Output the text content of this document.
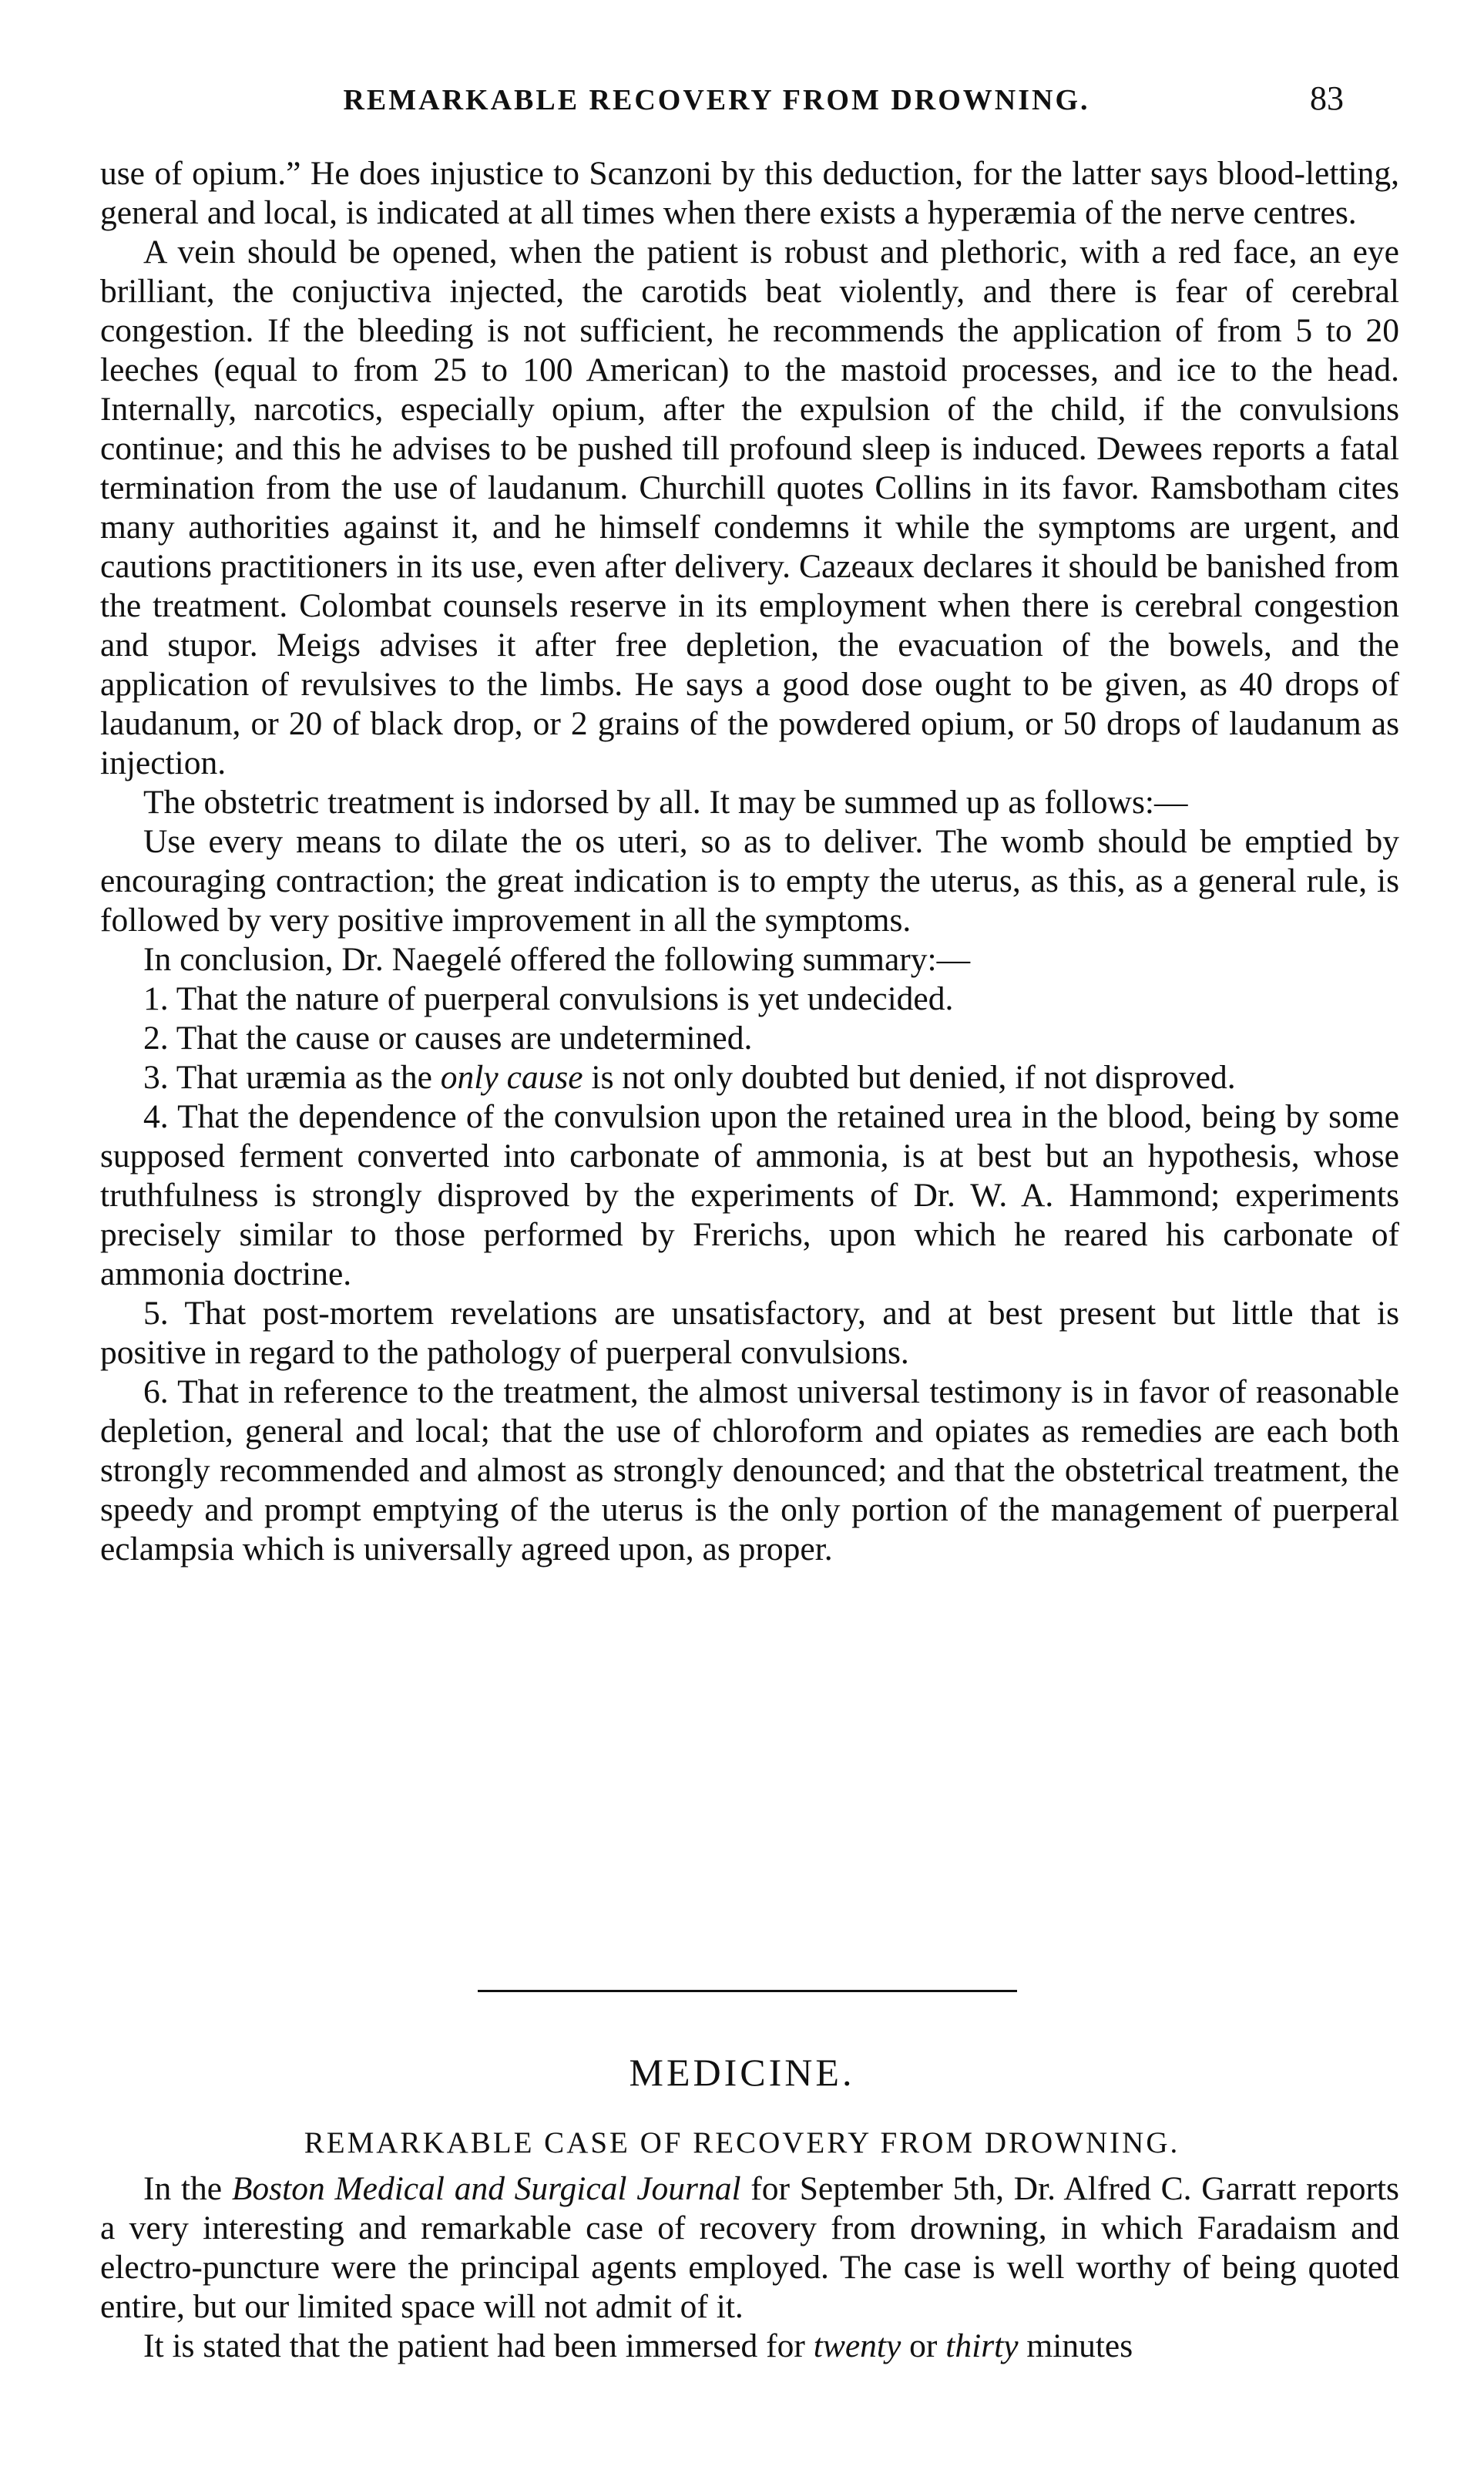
REMARKABLE RECOVERY FROM DROWNING.	83

use of opium.” He does injustice to Scanzoni by this deduction, for the latter says blood-letting, general and local, is indicated at all times when there exists a hyperæmia of the nerve centres.

A vein should be opened, when the patient is robust and plethoric, with a red face, an eye brilliant, the conjuctiva injected, the carotids beat violently, and there is fear of cerebral congestion. If the bleeding is not sufficient, he recommends the application of from 5 to 20 leeches (equal to from 25 to 100 American) to the mastoid processes, and ice to the head. Internally, narcotics, especially opium, after the expulsion of the child, if the convulsions continue; and this he advises to be pushed till profound sleep is induced. Dewees reports a fatal termination from the use of laudanum. Churchill quotes Collins in its favor. Ramsbotham cites many authorities against it, and he himself condemns it while the symptoms are urgent, and cautions practitioners in its use, even after delivery. Cazeaux declares it should be banished from the treatment. Colombat counsels reserve in its employment when there is cerebral congestion and stupor. Meigs advises it after free depletion, the evacuation of the bowels, and the application of revulsives to the limbs. He says a good dose ought to be given, as 40 drops of laudanum, or 20 of black drop, or 2 grains of the powdered opium, or 50 drops of laudanum as injection.

The obstetric treatment is indorsed by all. It may be summed up as follows:—

Use every means to dilate the os uteri, so as to deliver. The womb should be emptied by encouraging contraction; the great indication is to empty the uterus, as this, as a general rule, is followed by very positive improvement in all the symptoms.

In conclusion, Dr. Naegelé offered the following summary:—

1. That the nature of puerperal convulsions is yet undecided.

2. That the cause or causes are undetermined.

3. That uræmia as the only cause is not only doubted but denied, if not disproved.

4. That the dependence of the convulsion upon the retained urea in the blood, being by some supposed ferment converted into carbonate of ammonia, is at best but an hypothesis, whose truthfulness is strongly disproved by the experiments of Dr. W. A. Hammond; experiments precisely similar to those performed by Frerichs, upon which he reared his carbonate of ammonia doctrine.

5. That post-mortem revelations are unsatisfactory, and at best present but little that is positive in regard to the pathology of puerperal convulsions.

6. That in reference to the treatment, the almost universal testimony is in favor of reasonable depletion, general and local; that the use of chloroform and opiates as remedies are each both strongly recommended and almost as strongly denounced; and that the obstetrical treatment, the speedy and prompt emptying of the uterus is the only portion of the management of puerperal eclampsia which is universally agreed upon, as proper.

MEDICINE.
REMARKABLE CASE OF RECOVERY FROM DROWNING.

In the Boston Medical and Surgical Journal for September 5th, Dr. Alfred C. Garratt reports a very interesting and remarkable case of recovery from drowning, in which Faradaism and electro-puncture were the principal agents employed. The case is well worthy of being quoted entire, but our limited space will not admit of it.

It is stated that the patient had been immersed for twenty or thirty minutes
